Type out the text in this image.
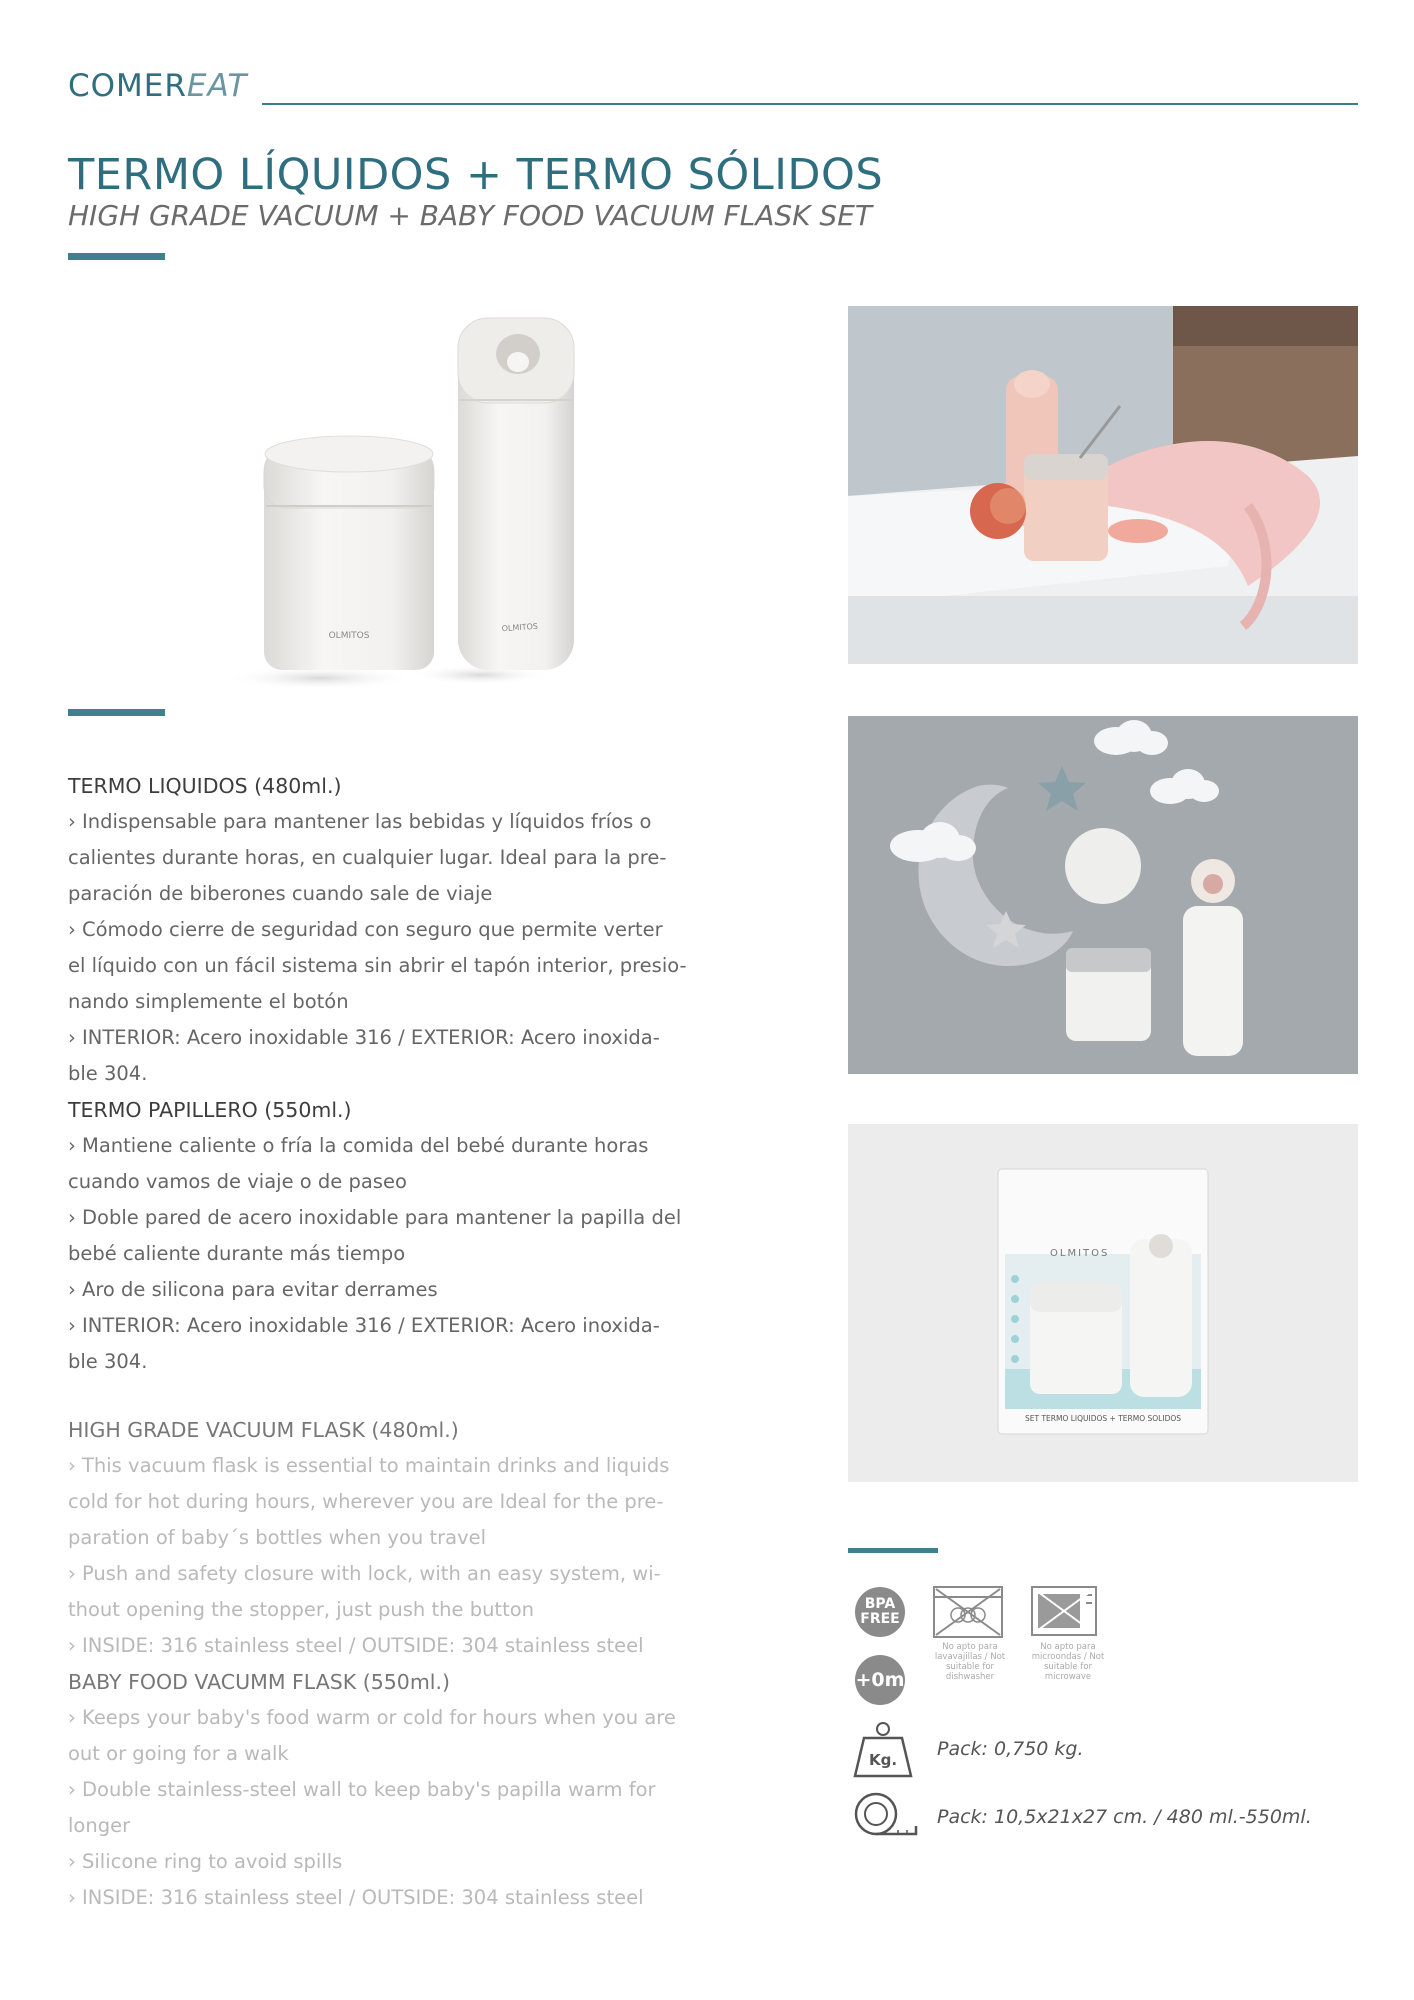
COMEREAT
TERMO LÍQUIDOS + TERMO SÓLIDOS
HIGH GRADE VACUUM + BABY FOOD VACUUM FLASK SET
OLMITOS
OLMITOS

TERMO LIQUIDOS (480ml.)

› Indispensable para mantener las bebidas y líquidos fríos o

calientes durante horas, en cualquier lugar. Ideal para la pre-

paración de biberones cuando sale de viaje

› Cómodo cierre de seguridad con seguro que permite verter

el líquido con un fácil sistema sin abrir el tapón interior, presio-

nando simplemente el botón

› INTERIOR: Acero inoxidable 316 / EXTERIOR: Acero inoxida-

ble 304.

TERMO PAPILLERO (550ml.)

› Mantiene caliente o fría la comida del bebé durante horas

cuando vamos de viaje o de paseo

› Doble pared de acero inoxidable para mantener la papilla del

bebé caliente durante más tiempo

› Aro de silicona para evitar derrames

› INTERIOR: Acero inoxidable 316 / EXTERIOR: Acero inoxida-

ble 304.

HIGH GRADE VACUUM FLASK (480ml.)

› This vacuum flask is essential to maintain drinks and liquids

cold for hot during hours, wherever you are Ideal for the pre-

paration of baby´s bottles when you travel

› Push and safety closure with lock, with an easy system, wi-

thout opening the stopper, just push the button

› INSIDE: 316 stainless steel / OUTSIDE: 304 stainless steel

BABY FOOD VACUMM FLASK (550ml.)

› Keeps your baby's food warm or cold for hours when you are

out or going for a walk

› Double stainless-steel wall to keep baby's papilla warm for

longer

› Silicone ring to avoid spills

› INSIDE: 316 stainless steel / OUTSIDE: 304 stainless steel

OLMITOS
SET TERMO LIQUIDOS + TERMO SOLIDOS
BPA
FREE
+0m
No apto para lavavajillas / Not suitable for dishwasher
No apto para microondas / Not suitable for microwave
Kg. Pack: 0,750 kg.
Pack: 10,5x21x27 cm. / 480 ml.-550ml.
